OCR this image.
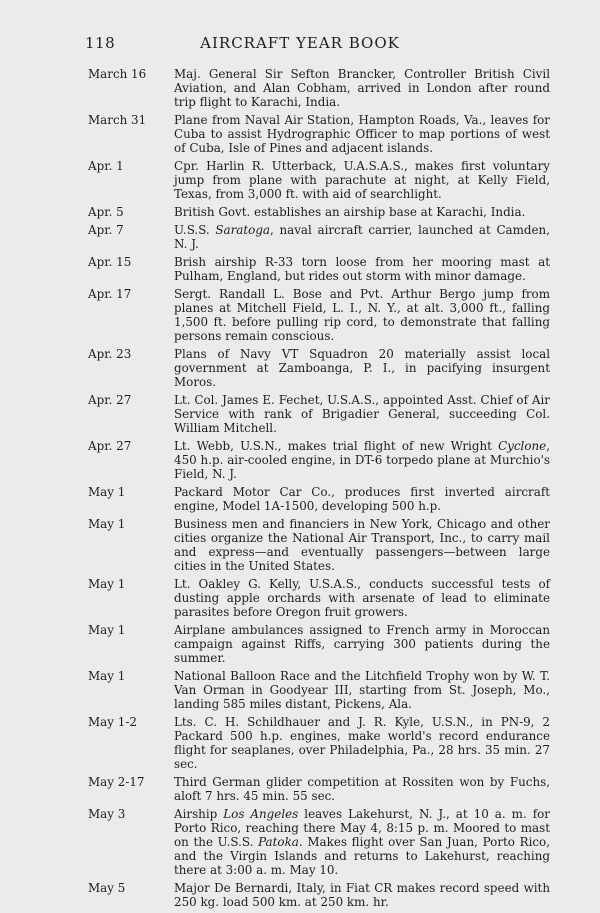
118	AIRCRAFT YEAR BOOK
March 16	Maj. General Sir Sefton Brancker, Controller British Civil Aviation, and Alan Cobham, arrived in London after round trip flight to Karachi, India.
March 31	Plane from Naval Air Station, Hampton Roads, Va., leaves for Cuba to assist Hydrographic Officer to map portions of west of Cuba, Isle of Pines and adjacent islands.
Apr. 1	Cpr. Harlin R. Utterback, U.A.S.A.S., makes first voluntary jump from plane with parachute at night, at Kelly Field, Texas, from 3,000 ft. with aid of searchlight.
Apr. 5	British Govt. establishes an airship base at Karachi, India.
Apr. 7	U.S.S. Saratoga, naval aircraft carrier, launched at Camden, N. J.
Apr. 15	Brish airship R-33 torn loose from her mooring mast at Pulham, England, but rides out storm with minor damage.
Apr. 17	Sergt. Randall L. Bose and Pvt. Arthur Bergo jump from planes at Mitchell Field, L. I., N. Y., at alt. 3,000 ft., falling 1,500 ft. before pulling rip cord, to demonstrate that falling persons remain conscious.
Apr. 23	Plans of Navy VT Squadron 20 materially assist local government at Zamboanga, P. I., in pacifying insurgent Moros.
Apr. 27	Lt. Col. James E. Fechet, U.S.A.S., appointed Asst. Chief of Air Service with rank of Brigadier General, succeeding Col. William Mitchell.
Apr. 27	Lt. Webb, U.S.N., makes trial flight of new Wright Cyclone, 450 h.p. air-cooled engine, in DT-6 torpedo plane at Murchio's Field, N. J.
May 1	Packard Motor Car Co., produces first inverted aircraft engine, Model 1A-1500, developing 500 h.p.
May 1	Business men and financiers in New York, Chicago and other cities organize the National Air Transport, Inc., to carry mail and express—and eventually passengers—between large cities in the United States.
May 1	Lt. Oakley G. Kelly, U.S.A.S., conducts successful tests of dusting apple orchards with arsenate of lead to eliminate parasites before Oregon fruit growers.
May 1	Airplane ambulances assigned to French army in Moroccan campaign against Riffs, carrying 300 patients during the summer.
May 1	National Balloon Race and the Litchfield Trophy won by W. T. Van Orman in Goodyear III, starting from St. Joseph, Mo., landing 585 miles distant, Pickens, Ala.
May 1-2	Lts. C. H. Schildhauer and J. R. Kyle, U.S.N., in PN-9, 2 Packard 500 h.p. engines, make world's record endurance flight for seaplanes, over Philadelphia, Pa., 28 hrs. 35 min. 27 sec.
May 2-17	Third German glider competition at Rossiten won by Fuchs, aloft 7 hrs. 45 min. 55 sec.
May 3	Airship Los Angeles leaves Lakehurst, N. J., at 10 a. m. for Porto Rico, reaching there May 4, 8:15 p. m. Moored to mast on the U.S.S. Patoka. Makes flight over San Juan, Porto Rico, and the Virgin Islands and returns to Lakehurst, reaching there at 3:00 a. m. May 10.
May 5	Major De Bernardi, Italy, in Fiat CR makes record speed with 250 kg. load 500 km. at 250 km. hr.
